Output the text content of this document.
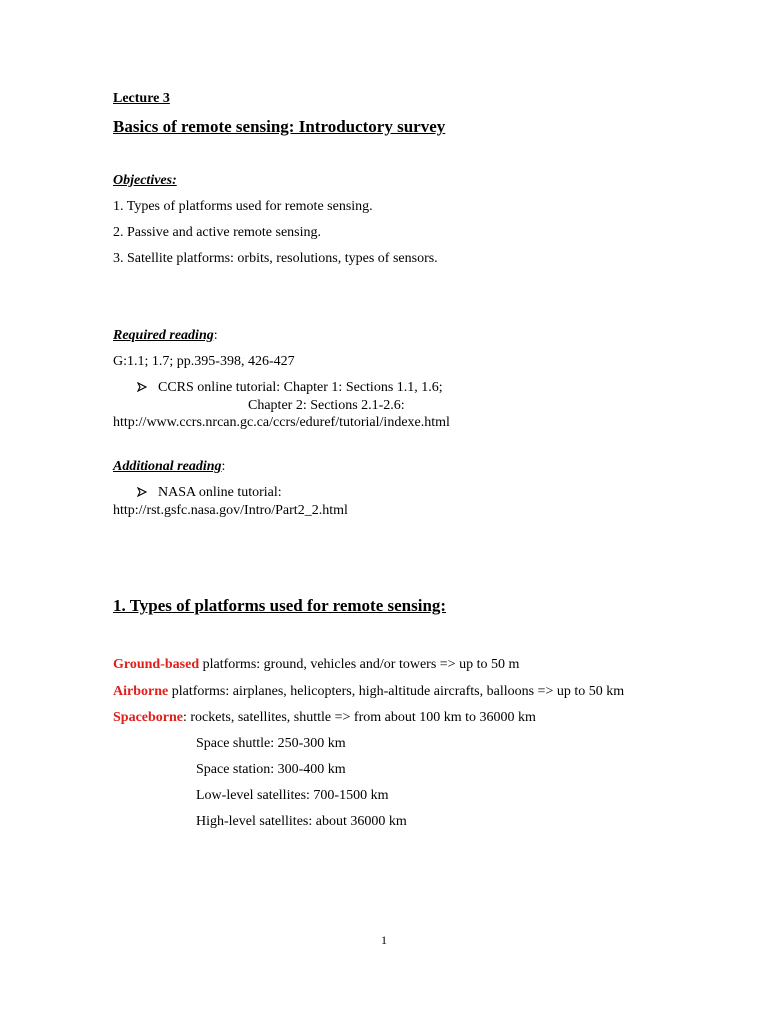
Lecture 3
Basics of remote sensing: Introductory survey
Objectives:
1. Types of platforms used for remote sensing.
2. Passive and active remote sensing.
3. Satellite platforms: orbits, resolutions, types of sensors.
Required reading:
G:1.1; 1.7; pp.395-398, 426-427
CCRS online tutorial: Chapter 1: Sections 1.1, 1.6;
Chapter 2: Sections 2.1-2.6:
http://www.ccrs.nrcan.gc.ca/ccrs/eduref/tutorial/indexe.html
Additional reading:
NASA online tutorial:
http://rst.gsfc.nasa.gov/Intro/Part2_2.html
1. Types of platforms used for remote sensing:
Ground-based platforms: ground, vehicles and/or towers => up to 50 m
Airborne platforms: airplanes, helicopters, high-altitude aircrafts, balloons => up to 50 km
Spaceborne: rockets, satellites, shuttle => from about 100 km to 36000 km
Space shuttle: 250-300 km
Space station: 300-400 km
Low-level satellites: 700-1500 km
High-level satellites: about 36000 km
1
